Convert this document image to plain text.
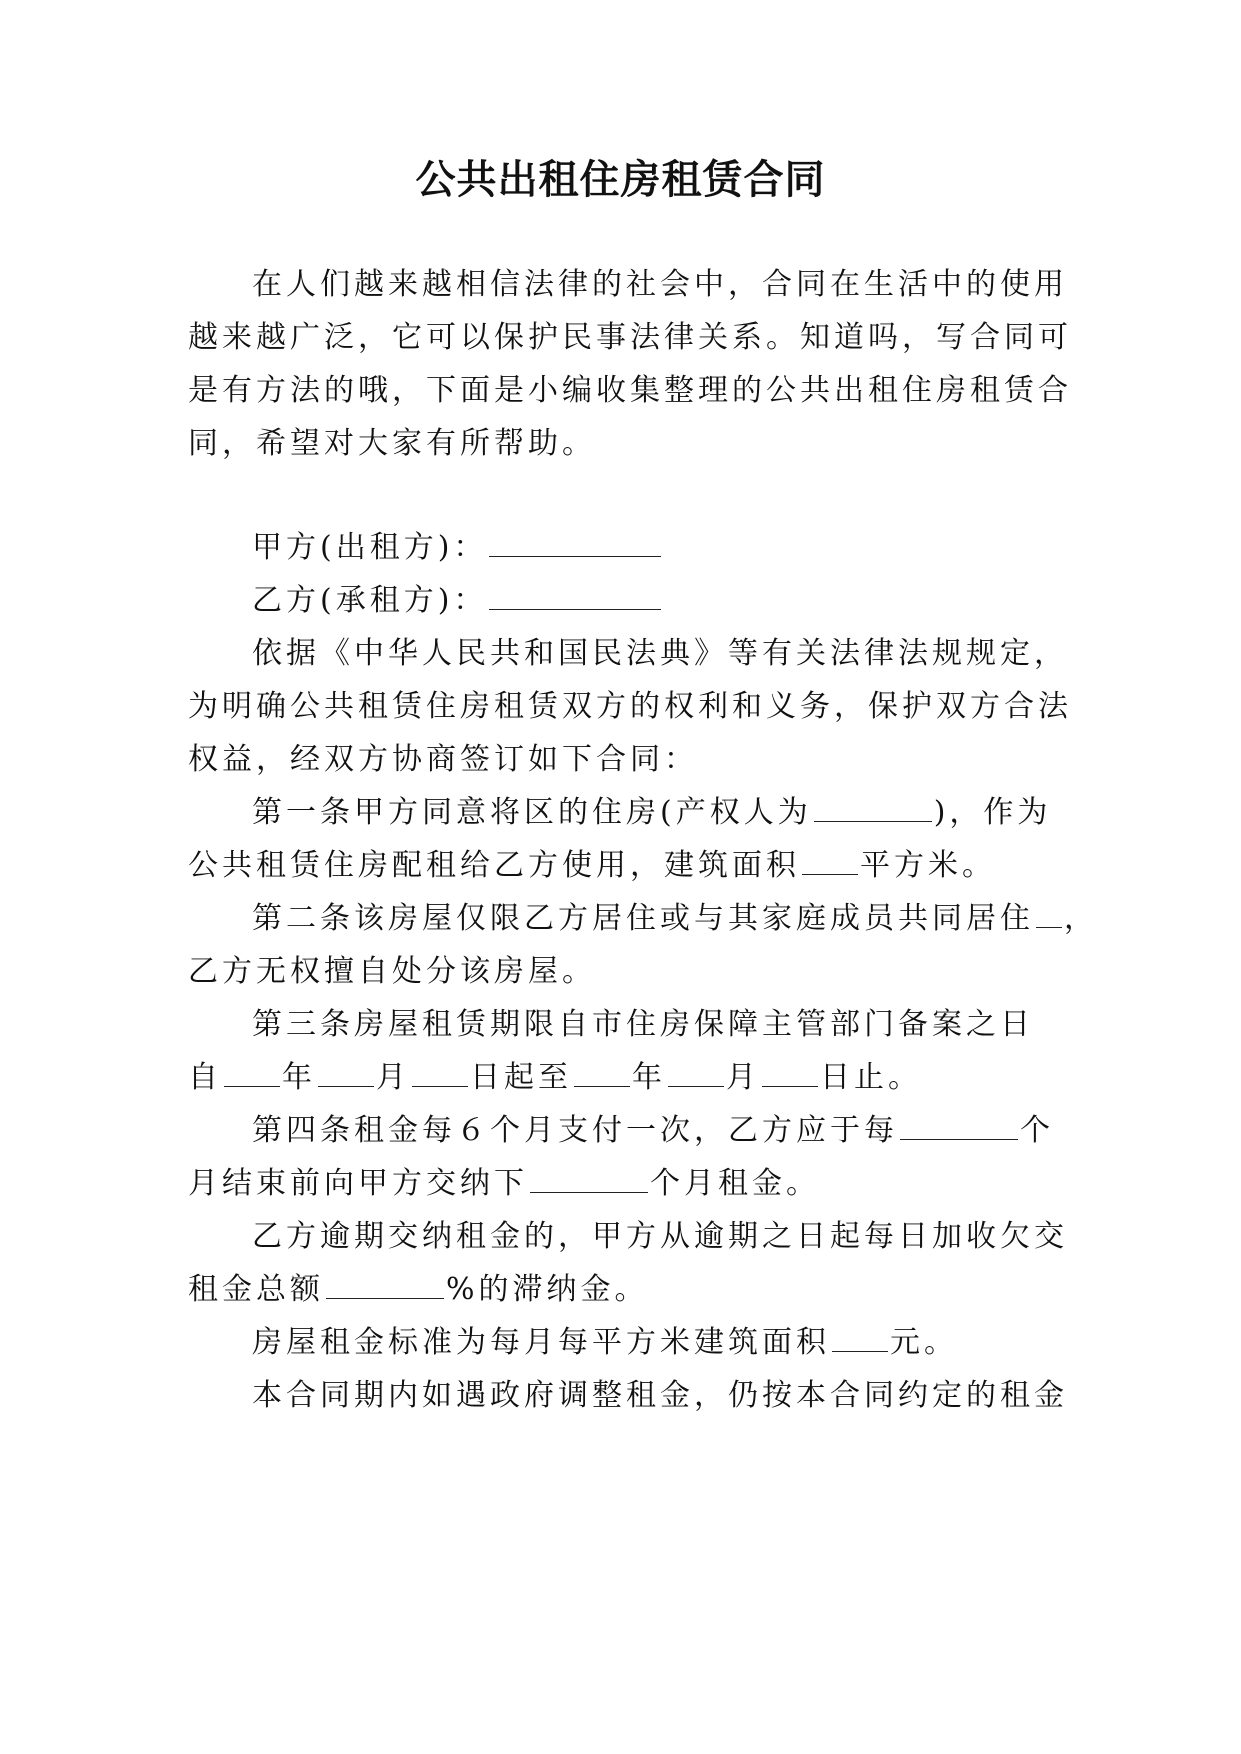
公共出租住房租赁合同
在人们越来越相信法律的社会中，合同在生活中的使用
越来越广泛，它可以保护民事法律关系。知道吗，写合同可
是有方法的哦，下面是小编收集整理的公共出租住房租赁合
同，希望对大家有所帮助。
甲方(出租方)：
乙方(承租方)：
依据《中华人民共和国民法典》等有关法律法规规定，
为明确公共租赁住房租赁双方的权利和义务，保护双方合法
权益，经双方协商签订如下合同：
第一条甲方同意将区的住房(产权人为	)，作为
公共租赁住房配租给乙方使用，建筑面积 平方米。
第二条该房屋仅限乙方居住或与其家庭成员共同居住 ，
乙方无权擅自处分该房屋。
第三条房屋租赁期限自市住房保障主管部门备案之日
自 年 月 日起至 年 月 日止。
第四条租金每６个月支付一次，乙方应于每	个
月结束前向甲方交纳下	个月租金。
乙方逾期交纳租金的，甲方从逾期之日起每日加收欠交
租金总额	%的滞纳金。
房屋租金标准为每月每平方米建筑面积 元。
本合同期内如遇政府调整租金，仍按本合同约定的租金
